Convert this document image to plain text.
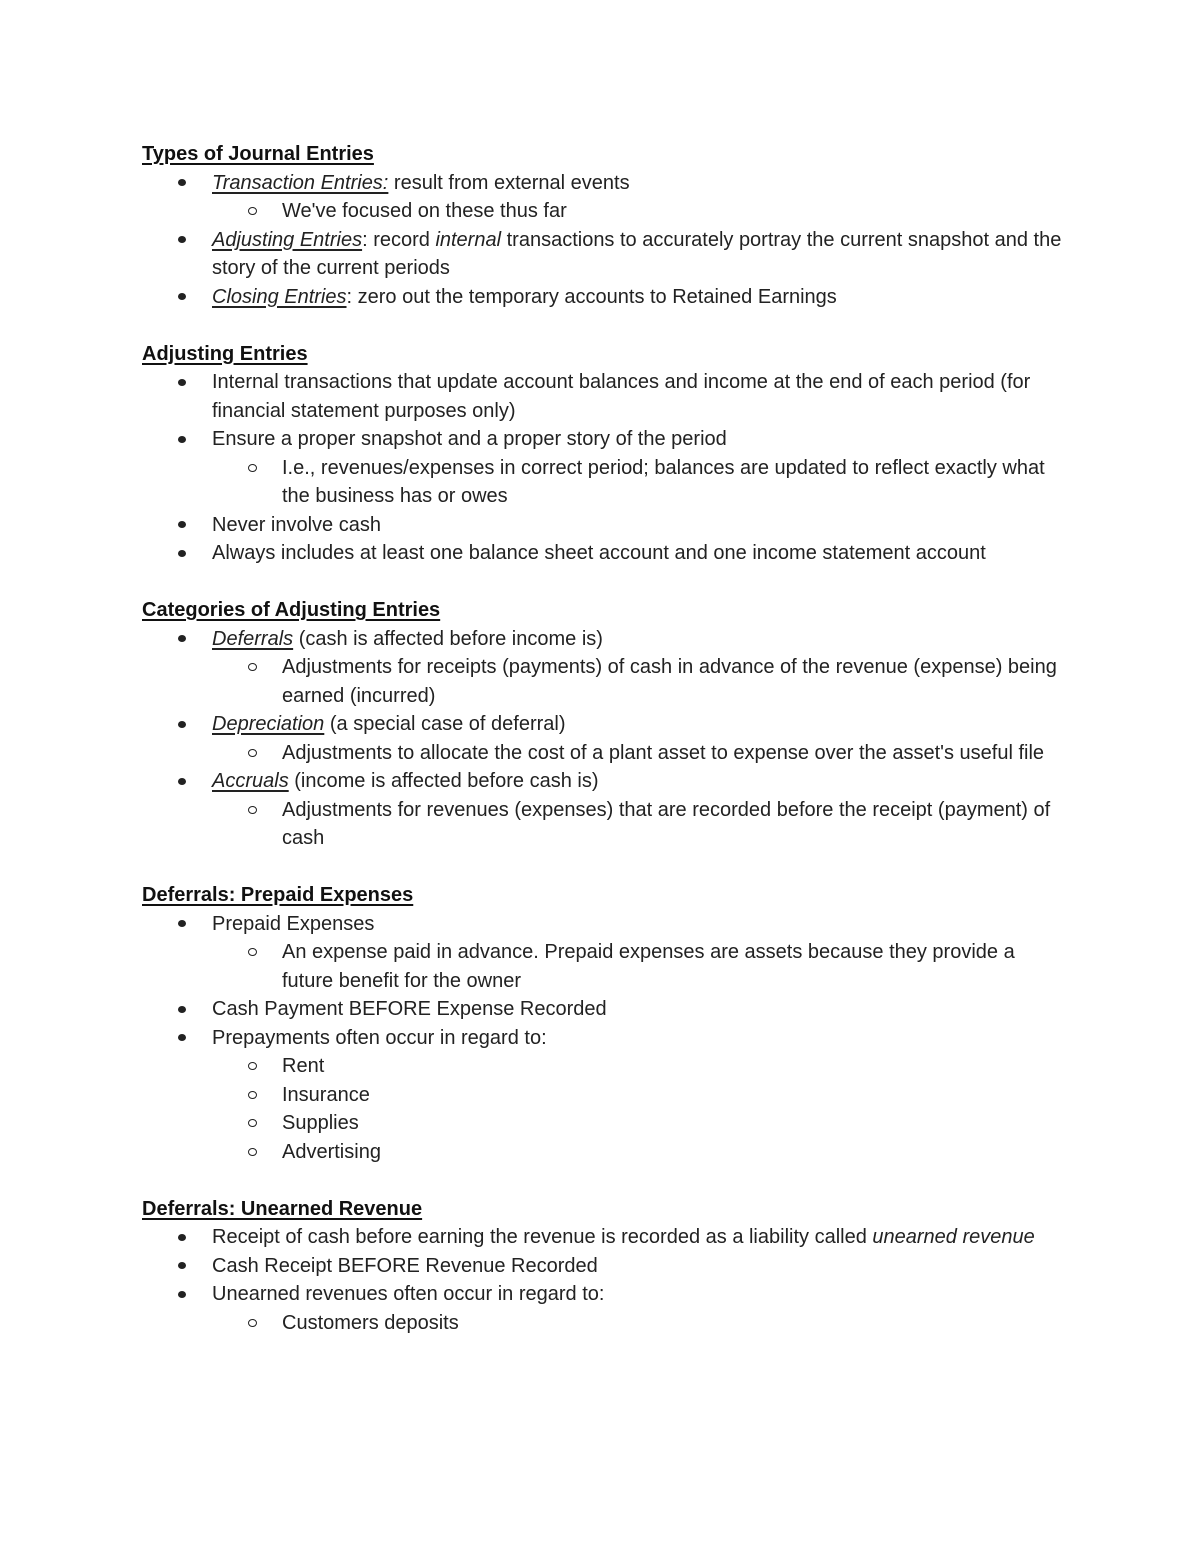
Types of Journal Entries
Transaction Entries: result from external events
We've focused on these thus far
Adjusting Entries: record internal transactions to accurately portray the current snapshot and the story of the current periods
Closing Entries: zero out the temporary accounts to Retained Earnings
Adjusting Entries
Internal transactions that update account balances and income at the end of each period (for financial statement purposes only)
Ensure a proper snapshot and a proper story of the period
I.e., revenues/expenses in correct period; balances are updated to reflect exactly what the business has or owes
Never involve cash
Always includes at least one balance sheet account and one income statement account
Categories of Adjusting Entries
Deferrals (cash is affected before income is)
Adjustments for receipts (payments) of cash in advance of the revenue (expense) being earned (incurred)
Depreciation (a special case of deferral)
Adjustments to allocate the cost of a plant asset to expense over the asset's useful file
Accruals (income is affected before cash is)
Adjustments for revenues (expenses) that are recorded before the receipt (payment) of cash
Deferrals: Prepaid Expenses
Prepaid Expenses
An expense paid in advance. Prepaid expenses are assets because they provide a future benefit for the owner
Cash Payment BEFORE Expense Recorded
Prepayments often occur in regard to:
Rent
Insurance
Supplies
Advertising
Deferrals: Unearned Revenue
Receipt of cash before earning the revenue is recorded as a liability called unearned revenue
Cash Receipt BEFORE Revenue Recorded
Unearned revenues often occur in regard to:
Customers deposits
